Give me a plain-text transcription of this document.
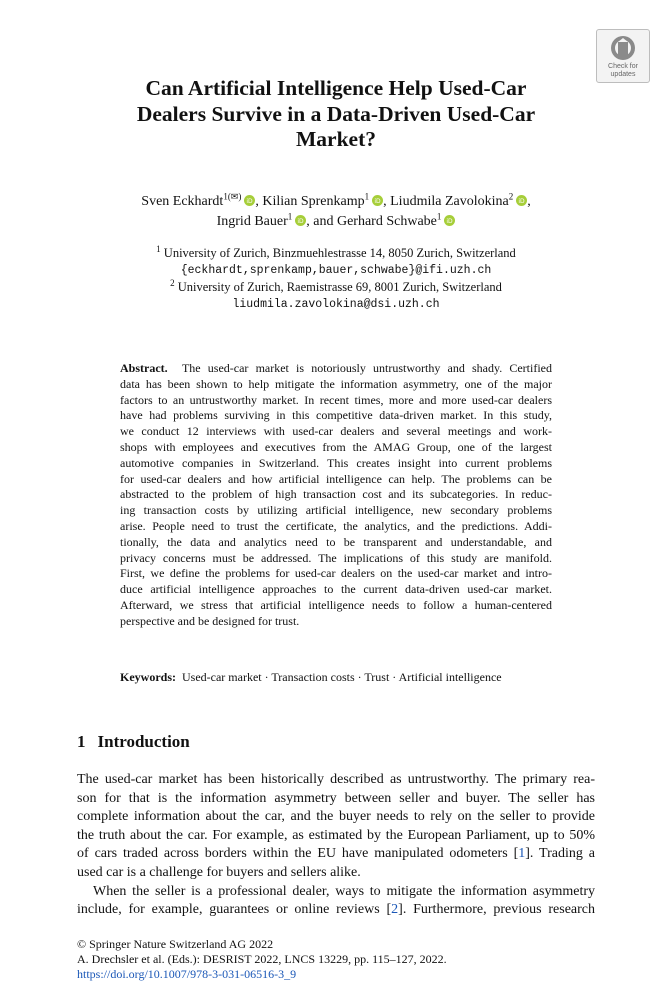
Check for
updates
Can Artificial Intelligence Help Used-Car
Dealers Survive in a Data-Driven Used-Car
Market?
Sven Eckhardt$^{1(✉)}$
iD , Kilian Sprenkamp$^1$
iD , Liudmila Zavolokina$^2$
iD ,
Ingrid Bauer$^1$
iD , and Gerhard Schwabe$^1$
iD
$^1$ University of Zurich, Binzmuehlestrasse 14, 8050 Zurich, Switzerland
{eckhardt,sprenkamp,bauer,schwabe}@ifi.uzh.ch
$^2$ University of Zurich, Raemistrasse 69, 8001 Zurich, Switzerland
liudmila.zavolokina@dsi.uzh.ch
Abstract. The used-car market is notoriously untrustworthy and shady. Certified
data has been shown to help mitigate the information asymmetry, one of the major
factors to an untrustworthy market. In recent times, more and more used-car dealers
have had problems surviving in this competitive data-driven market. In this study,
we conduct 12 interviews with used-car dealers and several meetings and work-
shops with employees and executives from the AMAG Group, one of the largest
automotive companies in Switzerland. This creates insight into current problems
for used-car dealers and how artificial intelligence can help. The problems can be
abstracted to the problem of high transaction cost and its subcategories. In reduc-
ing transaction costs by utilizing artificial intelligence, new secondary problems
arise. People need to trust the certificate, the analytics, and the predictions. Addi-
tionally, the data and analytics need to be transparent and understandable, and
privacy concerns must be addressed. The implications of this study are manifold.
First, we define the problems for used-car dealers on the used-car market and intro-
duce artificial intelligence approaches to the current data-driven used-car market.
Afterward, we stress that artificial intelligence needs to follow a human-centered
perspective and be designed for trust.
Keywords: Used-car market · Transaction costs · Trust · Artificial intelligence
1 Introduction
The used-car market has been historically described as untrustworthy. The primary rea-
son for that is the information asymmetry between seller and buyer. The seller has
complete information about the car, and the buyer needs to rely on the seller to provide
the truth about the car. For example, as estimated by the European Parliament, up to 50%
of cars traded across borders within the EU have manipulated odometers [1]. Trading a
used car is a challenge for buyers and sellers alike.
When the seller is a professional dealer, ways to mitigate the information asymmetry
include, for example, guarantees or online reviews [2]. Furthermore, previous research
© Springer Nature Switzerland AG 2022
A. Drechsler et al. (Eds.): DESRIST 2022, LNCS 13229, pp. 115–127, 2022.
https://doi.org/10.1007/978-3-031-06516-3_9
